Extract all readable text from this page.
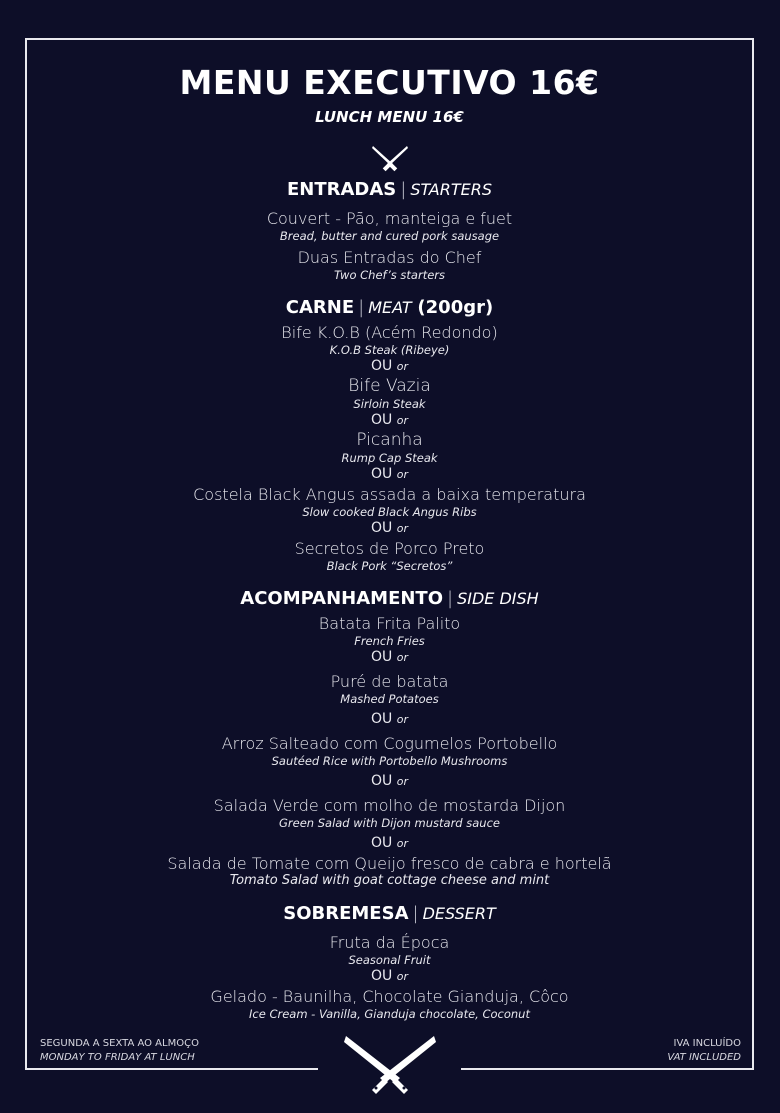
MENU EXECUTIVO 16€
LUNCH MENU 16€
ENTRADAS | STARTERS
Couvert - Pão, manteiga e fuet
Bread, butter and cured pork sausage
Duas Entradas do Chef
Two Chef’s starters
CARNE | MEAT (200gr)
Bife K.O.B (Acém Redondo)
K.O.B Steak (Ribeye)
OU or
Bife Vazia
Sirloin Steak
OU or
Picanha
Rump Cap Steak
OU or
Costela Black Angus assada a baixa temperatura
Slow cooked Black Angus Ribs
OU or
Secretos de Porco Preto
Black Pork “Secretos”
ACOMPANHAMENTO | SIDE DISH
Batata Frita Palito
French Fries
OU or
Puré de batata
Mashed Potatoes
OU or
Arroz Salteado com Cogumelos Portobello
Sautéed Rice with Portobello Mushrooms
OU or
Salada Verde com molho de mostarda Dijon
Green Salad with Dijon mustard sauce
OU or
Salada de Tomate com Queijo fresco de cabra e hortelã
Tomato Salad with goat cottage cheese and mint
SOBREMESA | DESSERT
Fruta da Época
Seasonal Fruit
OU or
Gelado - Baunilha, Chocolate Gianduja, Côco
Ice Cream - Vanilla, Gianduja chocolate, Coconut
SEGUNDA A SEXTA AO ALMOÇO
MONDAY TO FRIDAY AT LUNCH
IVA INCLUÍDO
VAT INCLUDED
